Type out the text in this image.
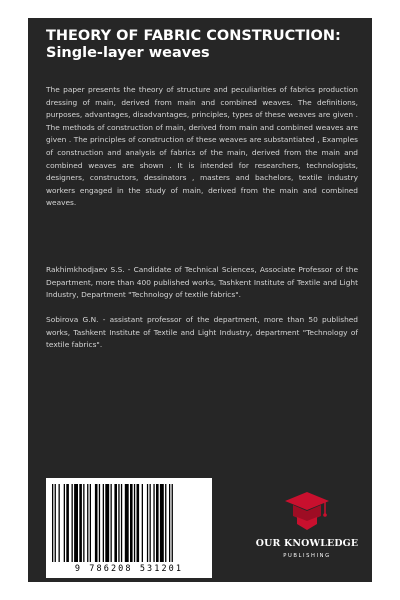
THEORY OF FABRIC CONSTRUCTION: Single-layer weaves

The paper presents the theory of structure and peculiarities of fabrics production dressing of main, derived from main and combined weaves. The definitions, purposes, advantages, disadvantages, principles, types of these weaves are given . The methods of construction of main, derived from main and combined weaves are given . The principles of construction of these weaves are substantiated , Examples of construction and analysis of fabrics of the main, derived from the main and combined weaves are shown . It is intended for researchers, technologists, designers, constructors, dessinators , masters and bachelors, textile industry workers engaged in the study of main, derived from the main and combined weaves.

Rakhimkhodjaev S.S. - Candidate of Technical Sciences, Associate Professor of the Department, more than 400 published works, Tashkent Institute of Textile and Light Industry, Department "Technology of textile fabrics".

Sobirova G.N. - assistant professor of the department, more than 50 published works, Tashkent Institute of Textile and Light Industry, department "Technology of textile fabrics".

9 786208 531201
OUR KNOWLEDGE
PUBLISHING
